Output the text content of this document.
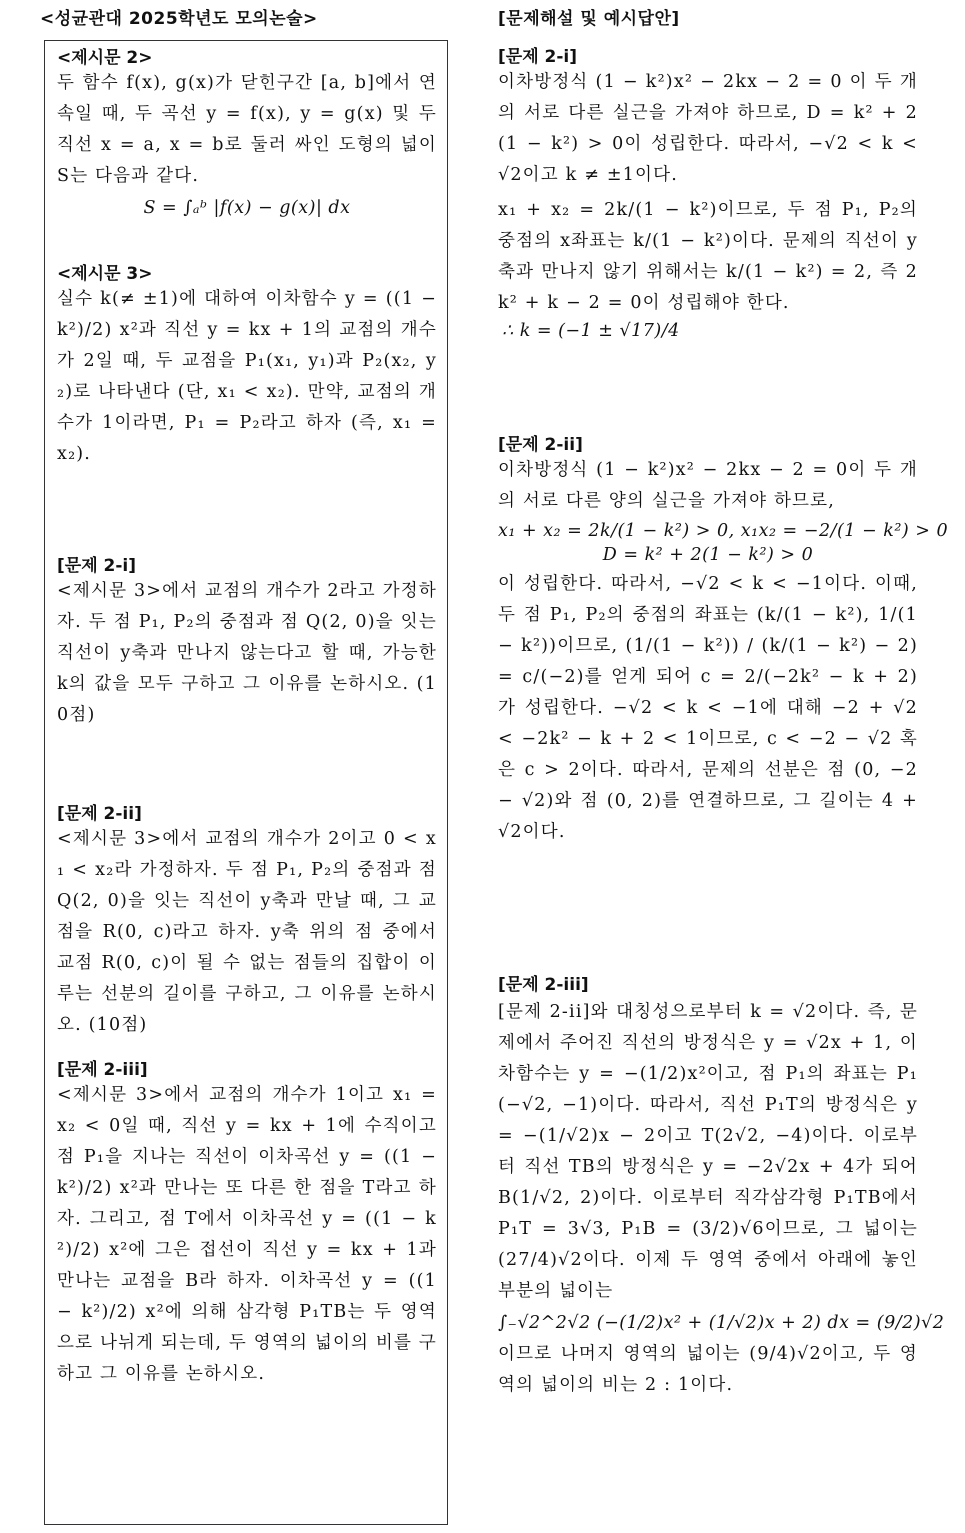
<성균관대 2025학년도 모의논술>
<제시문 2>

두 함수 f(x), g(x)가 닫힌구간 [a, b]에서 연속일 때, 두 곡선 y = f(x), y = g(x) 및 두 직선 x = a, x = b로 둘러 싸인 도형의 넓이 S는 다음과 같다.

S = ∫ₐᵇ |f(x) − g(x)| dx
<제시문 3>

실수 k(≠ ±1)에 대하여 이차함수 y = ((1 − k²)/2) x²과 직선 y = kx + 1의 교점의 개수가 2일 때, 두 교점을 P₁(x₁, y₁)과 P₂(x₂, y₂)로 나타낸다 (단, x₁ < x₂). 만약, 교점의 개수가 1이라면, P₁ = P₂라고 하자 (즉, x₁ = x₂).

[문제 2-i]

<제시문 3>에서 교점의 개수가 2라고 가정하자. 두 점 P₁, P₂의 중점과 점 Q(2, 0)을 잇는 직선이 y축과 만나지 않는다고 할 때, 가능한 k의 값을 모두 구하고 그 이유를 논하시오. (10점)

[문제 2-ii]

<제시문 3>에서 교점의 개수가 2이고 0 < x₁ < x₂라 가정하자. 두 점 P₁, P₂의 중점과 점 Q(2, 0)을 잇는 직선이 y축과 만날 때, 그 교점을 R(0, c)라고 하자. y축 위의 점 중에서 교점 R(0, c)이 될 수 없는 점들의 집합이 이루는 선분의 길이를 구하고, 그 이유를 논하시오. (10점)

[문제 2-iii]

<제시문 3>에서 교점의 개수가 1이고 x₁ = x₂ < 0일 때, 직선 y = kx + 1에 수직이고 점 P₁을 지나는 직선이 이차곡선 y = ((1 − k²)/2) x²과 만나는 또 다른 한 점을 T라고 하자. 그리고, 점 T에서 이차곡선 y = ((1 − k²)/2) x²에 그은 접선이 직선 y = kx + 1과 만나는 교점을 B라 하자. 이차곡선 y = ((1 − k²)/2) x²에 의해 삼각형 P₁TB는 두 영역으로 나뉘게 되는데, 두 영역의 넓이의 비를 구하고 그 이유를 논하시오.

[문제해설 및 예시답안]
[문제 2-i]

이차방정식 (1 − k²)x² − 2kx − 2 = 0 이 두 개의 서로 다른 실근을 가져야 하므로, D = k² + 2(1 − k²) > 0이 성립한다. 따라서, −√2 < k < √2이고 k ≠ ±1이다.

x₁ + x₂ = 2k/(1 − k²)이므로, 두 점 P₁, P₂의 중점의 x좌표는 k/(1 − k²)이다. 문제의 직선이 y축과 만나지 않기 위해서는 k/(1 − k²) = 2, 즉 2k² + k − 2 = 0이 성립해야 한다.

∴ k = (−1 ± √17)/4
[문제 2-ii]

이차방정식 (1 − k²)x² − 2kx − 2 = 0이 두 개의 서로 다른 양의 실근을 가져야 하므로,

x₁ + x₂ = 2k/(1 − k²) > 0, x₁x₂ = −2/(1 − k²) > 0
D = k² + 2(1 − k²) > 0

이 성립한다. 따라서, −√2 < k < −1이다. 이때, 두 점 P₁, P₂의 중점의 좌표는 (k/(1 − k²), 1/(1 − k²))이므로, (1/(1 − k²)) / (k/(1 − k²) − 2) = c/(−2)를 얻게 되어 c = 2/(−2k² − k + 2) 가 성립한다. −√2 < k < −1에 대해 −2 + √2 < −2k² − k + 2 < 1이므로, c < −2 − √2 혹은 c > 2이다. 따라서, 문제의 선분은 점 (0, −2 − √2)와 점 (0, 2)를 연결하므로, 그 길이는 4 + √2이다.

[문제 2-iii]

[문제 2-ii]와 대칭성으로부터 k = √2이다. 즉, 문제에서 주어진 직선의 방정식은 y = √2x + 1, 이차함수는 y = −(1/2)x²이고, 점 P₁의 좌표는 P₁(−√2, −1)이다. 따라서, 직선 P₁T의 방정식은 y = −(1/√2)x − 2이고 T(2√2, −4)이다. 이로부터 직선 TB의 방정식은 y = −2√2x + 4가 되어 B(1/√2, 2)이다. 이로부터 직각삼각형 P₁TB에서 P₁T = 3√3, P₁B = (3/2)√6이므로, 그 넓이는 (27/4)√2이다. 이제 두 영역 중에서 아래에 놓인 부분의 넓이는

∫₋√2^2√2 (−(1/2)x² + (1/√2)x + 2) dx = (9/2)√2

이므로 나머지 영역의 넓이는 (9/4)√2이고, 두 영역의 넓이의 비는 2 : 1이다.
